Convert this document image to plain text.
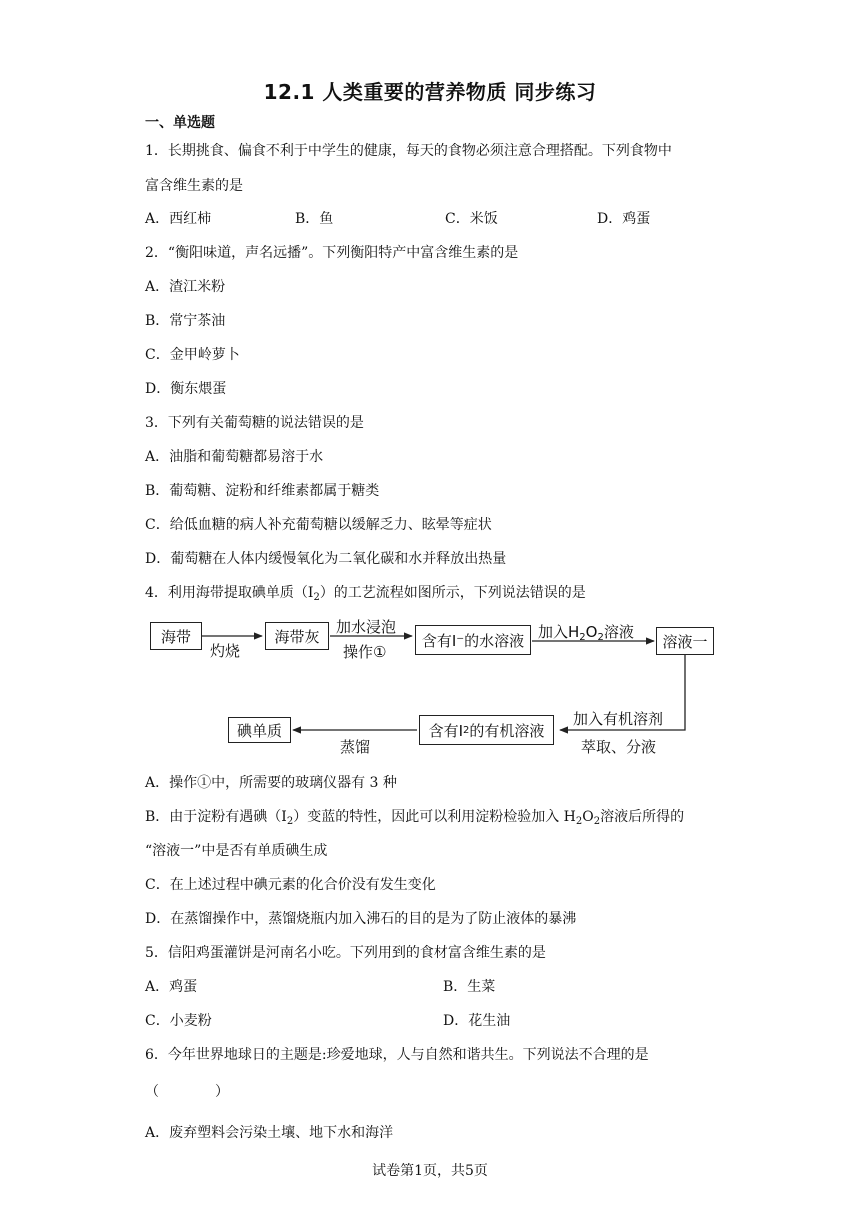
12.1 人类重要的营养物质 同步练习
一、单选题
1．长期挑食、偏食不利于中学生的健康，每天的食物必须注意合理搭配。下列食物中
富含维生素的是
A．西红柿	B．鱼	C．米饭	D．鸡蛋
2．“衡阳味道，声名远播”。下列衡阳特产中富含维生素的是
A．渣江米粉
B．常宁茶油
C．金甲岭萝卜
D．衡东煨蛋
3．下列有关葡萄糖的说法错误的是
A．油脂和葡萄糖都易溶于水
B．葡萄糖、淀粉和纤维素都属于糖类
C．给低血糖的病人补充葡萄糖以缓解乏力、眩晕等症状
D．葡萄糖在人体内缓慢氧化为二氧化碳和水并释放出热量
4．利用海带提取碘单质$(I_2)$的工艺流程如图所示，下列说法错误的是
海带
灼烧
海带灰
加水浸泡
操作①
含有I⁻的水溶液 加入$H_2O_2$溶液
溶液一
加入有机溶剂
萃取、分液
含有I 2 的有机溶液
蒸馏
碘单质
A．操作①中，所需要的玻璃仪器有 3 种
B．由于淀粉有遇碘$(I_2)$变蓝的特性，因此可以利用淀粉检验加入 $H_2O_2$溶液后所得的
“溶液一”中是否有单质碘生成
C．在上述过程中碘元素的化合价没有发生变化
D．在蒸馏操作中，蒸馏烧瓶内加入沸石的目的是为了防止液体的暴沸
5．信阳鸡蛋灌饼是河南名小吃。下列用到的食材富含维生素的是
A．鸡蛋	B．生菜
C．小麦粉	D．花生油
6．今年世界地球日的主题是:珍爱地球，人与自然和谐共生。下列说法不合理的是
（　　　　）
A．废弃塑料会污染土壤、地下水和海洋
试卷第1页，共5页
